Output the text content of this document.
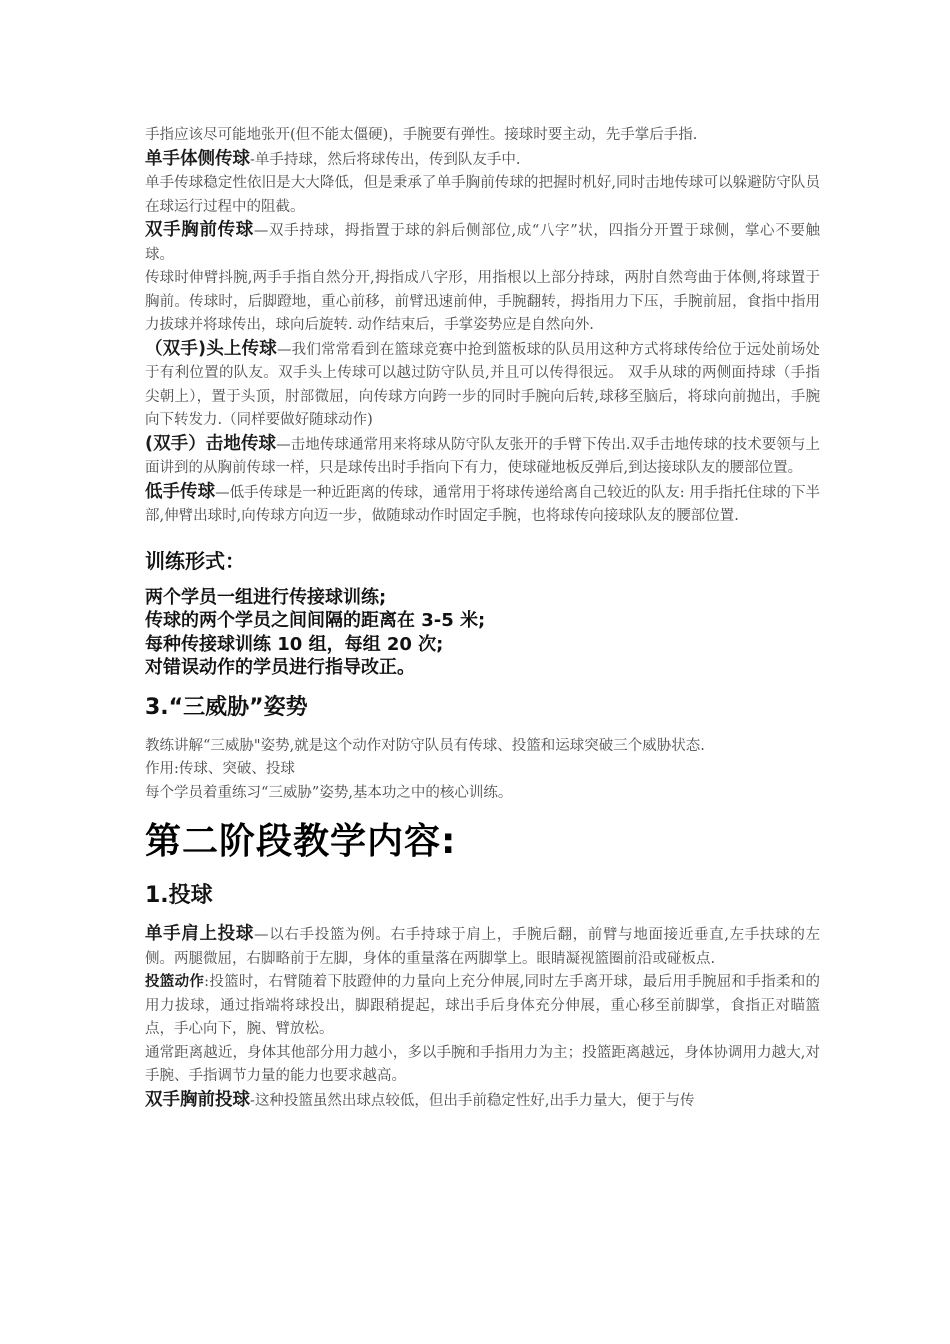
手指应该尽可能地张开(但不能太僵硬)，手腕要有弹性。接球时要主动，先手掌后手指.

单手体侧传球-单手持球，然后将球传出，传到队友手中.

单手传球稳定性依旧是大大降低，但是秉承了单手胸前传球的把握时机好,同时击地传球可以躲避防守队员在球运行过程中的阻截。

双手胸前传球—双手持球，拇指置于球的斜后侧部位,成“八字”状，四指分开置于球侧，掌心不要触球。

传球时伸臂抖腕,两手手指自然分开,拇指成八字形，用指根以上部分持球，两肘自然弯曲于体侧,将球置于胸前。传球时，后脚蹬地，重心前移，前臂迅速前伸，手腕翻转，拇指用力下压，手腕前屈，食指中指用力拔球并将球传出，球向后旋转. 动作结束后，手掌姿势应是自然向外.

（双手)头上传球—我们常常看到在篮球竞赛中抢到篮板球的队员用这种方式将球传给位于远处前场处于有利位置的队友。双手头上传球可以越过防守队员,并且可以传得很远。 双手从球的两侧面持球（手指尖朝上），置于头顶，肘部微屈，向传球方向跨一步的同时手腕向后转,球移至脑后，将球向前抛出，手腕向下转发力.（同样要做好随球动作)

(双手）击地传球—击地传球通常用来将球从防守队友张开的手臂下传出.双手击地传球的技术要领与上面讲到的从胸前传球一样，只是球传出时手指向下有力，使球碰地板反弹后,到达接球队友的腰部位置。

低手传球—低手传球是一种近距离的传球，通常用于将球传递给离自己较近的队友: 用手指托住球的下半部,伸臂出球时,向传球方向迈一步，做随球动作时固定手腕，也将球传向接球队友的腰部位置.

训练形式：

两个学员一组进行传接球训练;

传球的两个学员之间间隔的距离在 3-5 米;

每种传接球训练 10 组，每组 20 次;

对错误动作的学员进行指导改正。

3.“三威胁”姿势

教练讲解“三威胁"姿势,就是这个动作对防守队员有传球、投篮和运球突破三个威胁状态.

作用:传球、突破、投球

每个学员着重练习“三威胁”姿势,基本功之中的核心训练。

第二阶段教学内容:
1.投球

单手肩上投球—以右手投篮为例。右手持球于肩上，手腕后翻，前臂与地面接近垂直,左手扶球的左侧。两腿微屈，右脚略前于左脚，身体的重量落在两脚掌上。眼睛凝视篮圈前沿或碰板点.

投篮动作:投篮时，右臂随着下肢蹬伸的力量向上充分伸展,同时左手离开球，最后用手腕屈和手指柔和的用力拔球，通过指端将球投出，脚跟稍提起，球出手后身体充分伸展，重心移至前脚掌，食指正对瞄篮点，手心向下，腕、臂放松。

通常距离越近，身体其他部分用力越小，多以手腕和手指用力为主；投篮距离越远，身体协调用力越大,对手腕、手指调节力量的能力也要求越高。

双手胸前投球-这种投篮虽然出球点较低，但出手前稳定性好,出手力量大，便于与传
